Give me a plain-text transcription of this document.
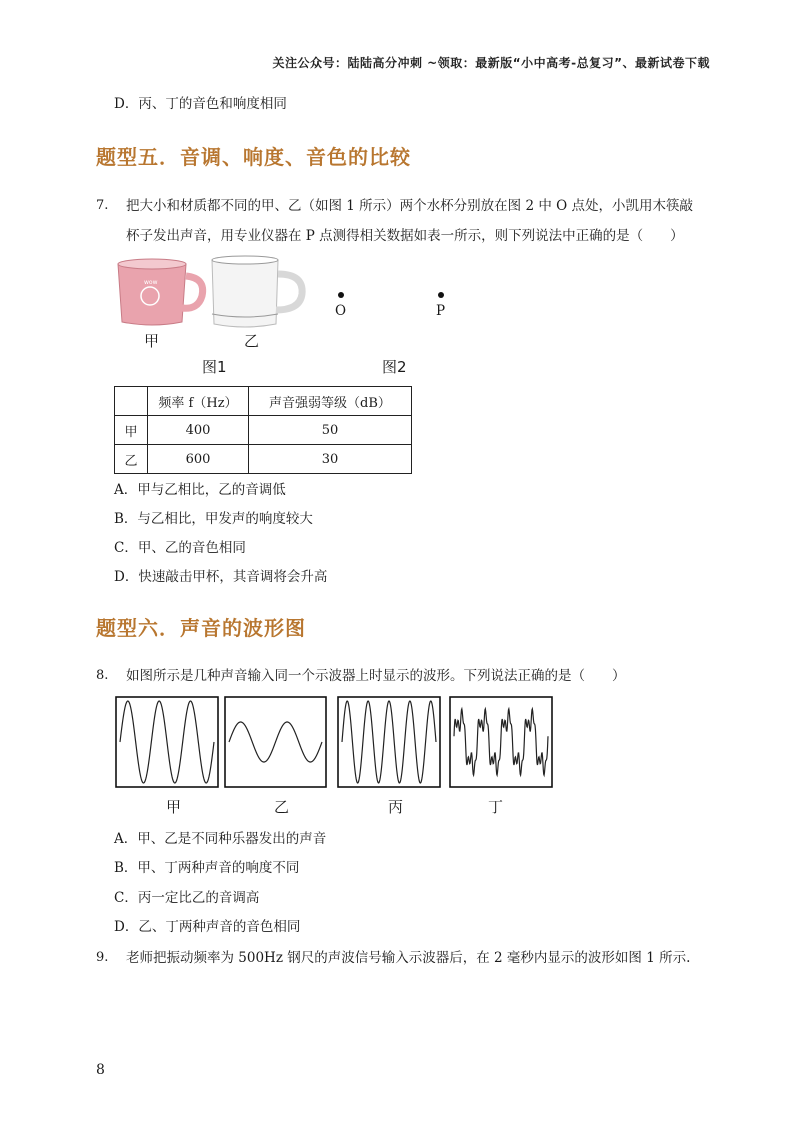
关注公众号：陆陆高分冲刺 ~领取：最新版“小中高考-总复习”、最新试卷下载
D．丙、丁的音色和响度相同
题型五．音调、响度、音色的比较
7. 把大小和材质都不同的甲、乙（如图 1 所示）两个水杯分别放在图 2 中 O 点处，小凯用木筷敲
杯子发出声音，用专业仪器在 P 点测得相关数据如表一所示，则下列说法中正确的是（　　）
wow
甲	乙
图1
O	P
图2
	频率 f（Hz）	声音强弱等级（dB）
甲	400	50
乙	600	30
A．甲与乙相比，乙的音调低
B．与乙相比，甲发声的响度较大
C．甲、乙的音色相同
D．快速敲击甲杯，其音调将会升高
题型六．声音的波形图
8. 如图所示是几种声音输入同一个示波器上时显示的波形。下列说法正确的是（　　）
甲	乙	丙	丁
A．甲、乙是不同种乐器发出的声音
B．甲、丁两种声音的响度不同
C．丙一定比乙的音调高
D．乙、丁两种声音的音色相同
9. 老师把振动频率为 500Hz 钢尺的声波信号输入示波器后，在 2 毫秒内显示的波形如图 1 所示.
8
